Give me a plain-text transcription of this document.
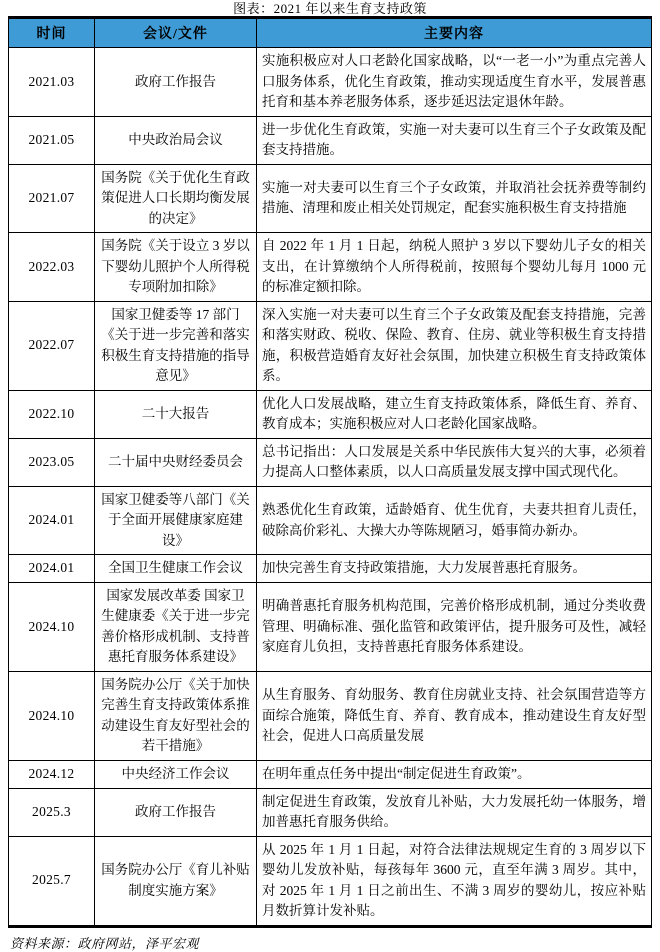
图表：2021 年以来生育支持政策
时间	会议/文件	主要内容
2021.03	政府工作报告	实施积极应对人口老龄化国家战略，以“一老一小”为重点完善人口服务体系，优化生育政策，推动实现适度生育水平，发展普惠托育和基本养老服务体系，逐步延迟法定退休年龄。
2021.05	中央政治局会议	进一步优化生育政策，实施一对夫妻可以生育三个子女政策及配套支持措施。
2021.07	国务院《关于优化生育政策促进人口长期均衡发展的决定》	实施一对夫妻可以生育三个子女政策，并取消社会抚养费等制约措施、清理和废止相关处罚规定，配套实施积极生育支持措施
2022.03	国务院《关于设立 3 岁以下婴幼儿照护个人所得税专项附加扣除》	自 2022 年 1 月 1 日起，纳税人照护 3 岁以下婴幼儿子女的相关支出，在计算缴纳个人所得税前，按照每个婴幼儿每月 1000 元的标准定额扣除。
2022.07	国家卫健委等 17 部门《关于进一步完善和落实积极生育支持措施的指导意见》	深入实施一对夫妻可以生育三个子女政策及配套支持措施，完善和落实财政、税收、保险、教育、住房、就业等积极生育支持措施，积极营造婚育友好社会氛围，加快建立积极生育支持政策体系。
2022.10	二十大报告	优化人口发展战略，建立生育支持政策体系，降低生育、养育、教育成本；实施积极应对人口老龄化国家战略。
2023.05	二十届中央财经委员会	总书记指出：人口发展是关系中华民族伟大复兴的大事，必须着力提高人口整体素质，以人口高质量发展支撑中国式现代化。
2024.01	国家卫健委等八部门《关于全面开展健康家庭建设》	熟悉优化生育政策，适龄婚育、优生优育，夫妻共担育儿责任，破除高价彩礼、大操大办等陈规陋习，婚事简办新办。
2024.01	全国卫生健康工作会议	加快完善生育支持政策措施，大力发展普惠托育服务。
2024.10	国家发展改革委 国家卫生健康委《关于进一步完善价格形成机制、支持普惠托育服务体系建设》	明确普惠托育服务机构范围，完善价格形成机制，通过分类收费管理、明确标准、强化监管和政策评估，提升服务可及性，减轻家庭育儿负担，支持普惠托育服务体系建设。
2024.10	国务院办公厅《关于加快完善生育支持政策体系推动建设生育友好型社会的若干措施》	从生育服务、育幼服务、教育住房就业支持、社会氛围营造等方面综合施策，降低生育、养育、教育成本，推动建设生育友好型社会，促进人口高质量发展
2024.12	中央经济工作会议	在明年重点任务中提出“制定促进生育政策”。
2025.3	政府工作报告	制定促进生育政策，发放育儿补贴，大力发展托幼一体服务，增加普惠托育服务供给。
2025.7	国务院办公厅《育儿补贴制度实施方案》	从 2025 年 1 月 1 日起，对符合法律法规规定生育的 3 周岁以下婴幼儿发放补贴，每孩每年 3600 元，直至年满 3 周岁。其中，对 2025 年 1 月 1 日之前出生、不满 3 周岁的婴幼儿，按应补贴月数折算计发补贴。
资料来源：政府网站，泽平宏观
